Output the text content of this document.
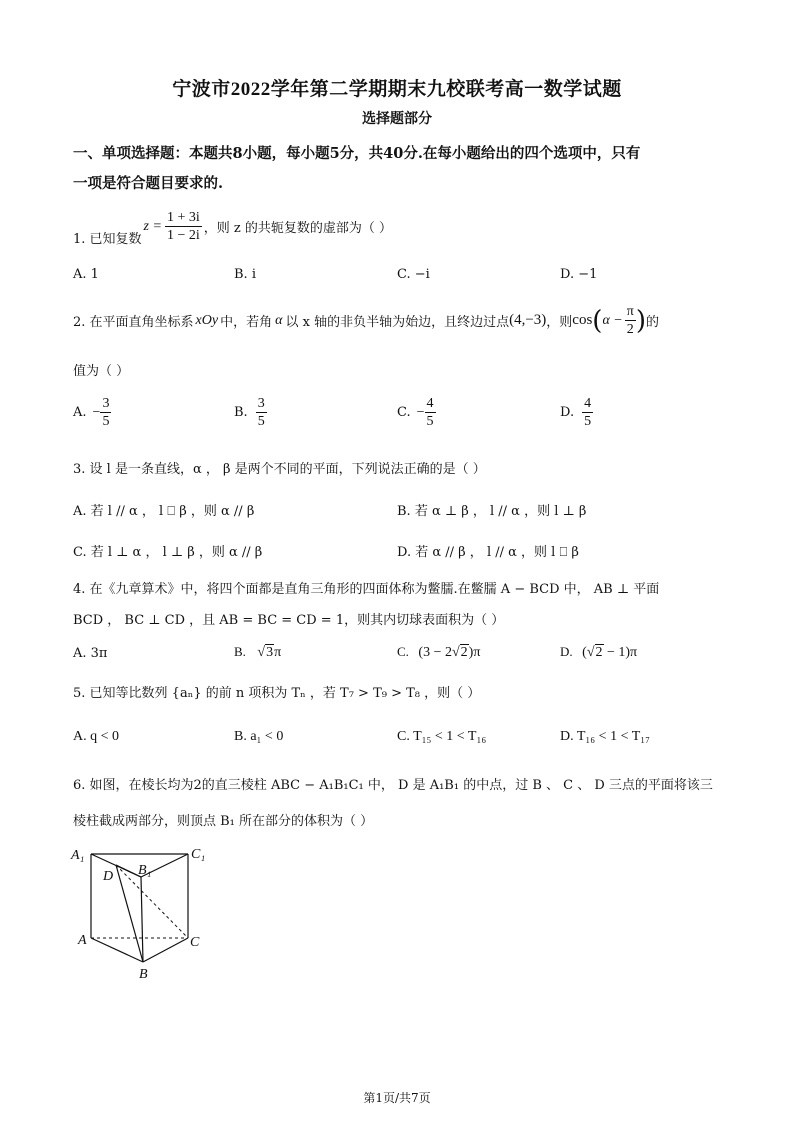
宁波市2022学年第二学期期末九校联考高一数学试题
选择题部分
一、单项选择题：本题共8小题，每小题5分，共40分.在每小题给出的四个选项中，只有
一项是符合题目要求的.
1. 已知复数
$z = \frac{1 + 3i}{1 - 2i}$ ，则 z 的共轭复数的虚部为（ ）
A. 1	B. i	C. −i	D. −1
2. 在平面直角坐标系 xOy 中，若角 α 以 x 轴的非负半轴为始边，且终边过点 (4,−3) ，则 cos ( $\alpha - \frac{\pi}{2}$ ) 的
值为（ ）
A. − $\frac{3}{5}$	B. $\frac{3}{5}$	C. − $\frac{4}{5}$	D. $\frac{4}{5}$
3. 设 l 是一条直线，α ， β 是两个不同的平面，下列说法正确的是（ ）
A. 若 l // α ， l ⎕ β ，则 α // β	B. 若 α ⊥ β ， l // α ，则 l ⊥ β
C. 若 l ⊥ α ， l ⊥ β ，则 α // β	D. 若 α // β ， l // α ，则 l ⎕ β
4. 在《九章算术》中，将四个面都是直角三角形的四面体称为鳖臑.在鳖臑 A − BCD 中， AB ⊥ 平面
BCD ， BC ⊥ CD ，且 AB = BC = CD = 1，则其内切球表面积为（ ）
A. 3π	B. √3π	C. (3 − 2√2)π	D. (√2 − 1)π
5. 已知等比数列 {aₙ} 的前 n 项积为 Tₙ ，若 T₇ > T₉ > T₈ ，则（ ）
A. q < 0	B. a₁ < 0	C. T₁₅ < 1 < T₁₆	D. T₁₆ < 1 < T₁₇
6. 如图，在棱长均为2的直三棱柱 ABC − A₁B₁C₁ 中， D 是 A₁B₁ 的中点，过 B 、 C 、 D 三点的平面将该三
棱柱截成两部分，则顶点 B₁ 所在部分的体积为（ ）
A₁	C₁
D B₁
A	C
B
第1页/共7页
